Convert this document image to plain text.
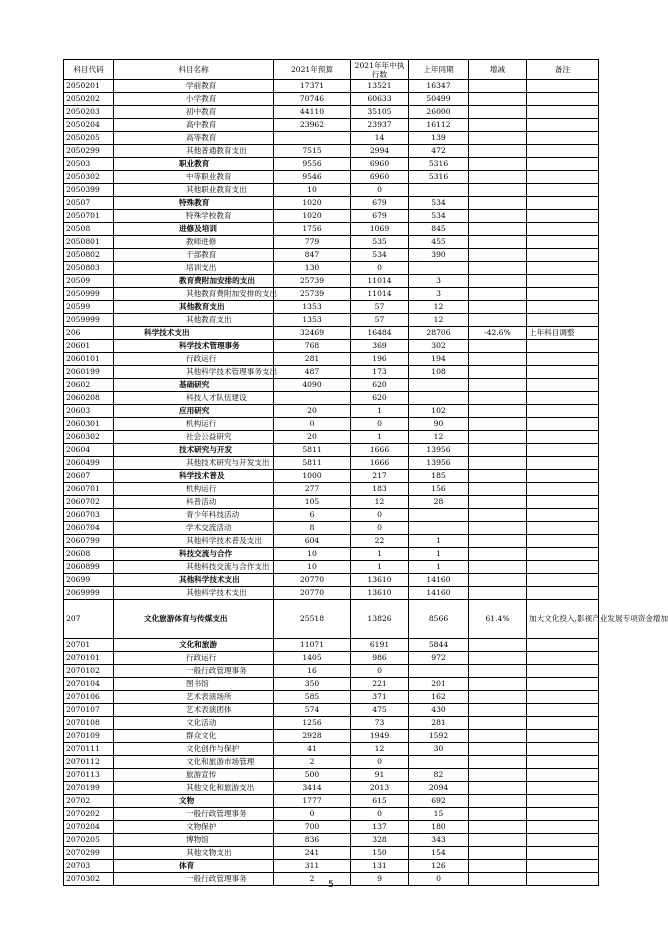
科目代码	科目名称	2021年预算	2021年年中执行数	上年同期	增减	备注
2050201	学前教育	17371	13521	16347		
2050202	小学教育	70746	60633	50499		
2050203	初中教育	44110	35105	26000		
2050204	高中教育	23962	23937	16112		
2050205	高等教育		14	139		
2050299	其他普通教育支出	7515	2994	472		
20503	职业教育	9556	6960	5316		
2050302	中等职业教育	9546	6960	5316		
2050399	其他职业教育支出	10	0			
20507	特殊教育	1020	679	534		
2050701	特殊学校教育	1020	679	534		
20508	进修及培训	1756	1069	845		
2050801	教师进修	779	535	455		
2050802	干部教育	847	534	390		
2050803	培训支出	130	0			
20509	教育费附加安排的支出	25739	11014	3		
2050999	其他教育费附加安排的支出	25739	11014	3		
20599	其他教育支出	1353	57	12		
2059999	其他教育支出	1353	57	12		
206	科学技术支出	32469	16484	28706	-42.6%	上年科目调整
20601	科学技术管理事务	768	369	302		
2060101	行政运行	281	196	194		
2060199	其他科学技术管理事务支出	487	173	108		
20602	基础研究	4090	620			
2060208	科技人才队伍建设		620			
20603	应用研究	20	1	102		
2060301	机构运行	0	0	90		
2060302	社会公益研究	20	1	12		
20604	技术研究与开发	5811	1666	13956		
2060499	其他技术研究与开发支出	5811	1666	13956		
20607	科学技术普及	1000	217	185		
2060701	机构运行	277	183	156		
2060702	科普活动	105	12	28		
2060703	青少年科技活动	6	0			
2060704	学术交流活动	8	0			
2060799	其他科学技术普及支出	604	22	1		
20608	科技交流与合作	10	1	1		
2060899	其他科技交流与合作支出	10	1	1		
20699	其他科学技术支出	20770	13610	14160		
2069999	其他科学技术支出	20770	13610	14160		
207	文化旅游体育与传媒支出	25518	13826	8566	61.4%	加大文化投入,影视产业发展专项资金增加
20701	文化和旅游	11071	6191	5844		
2070101	行政运行	1405	986	972		
2070102	一般行政管理事务	16	0			
2070104	图书馆	350	221	201		
2070106	艺术表演场所	585	371	162		
2070107	艺术表演团体	574	475	430		
2070108	文化活动	1256	73	281		
2070109	群众文化	2928	1949	1592		
2070111	文化创作与保护	41	12	30		
2070112	文化和旅游市场管理	2	0			
2070113	旅游宣传	500	91	82		
2070199	其他文化和旅游支出	3414	2013	2094		
20702	文物	1777	615	692		
2070202	一般行政管理事务	0	0	15		
2070204	文物保护	700	137	180		
2070205	博物馆	836	328	343		
2070299	其他文物支出	241	150	154		
20703	体育	311	131	126		
2070302	一般行政管理事务	2	9	0		
5
